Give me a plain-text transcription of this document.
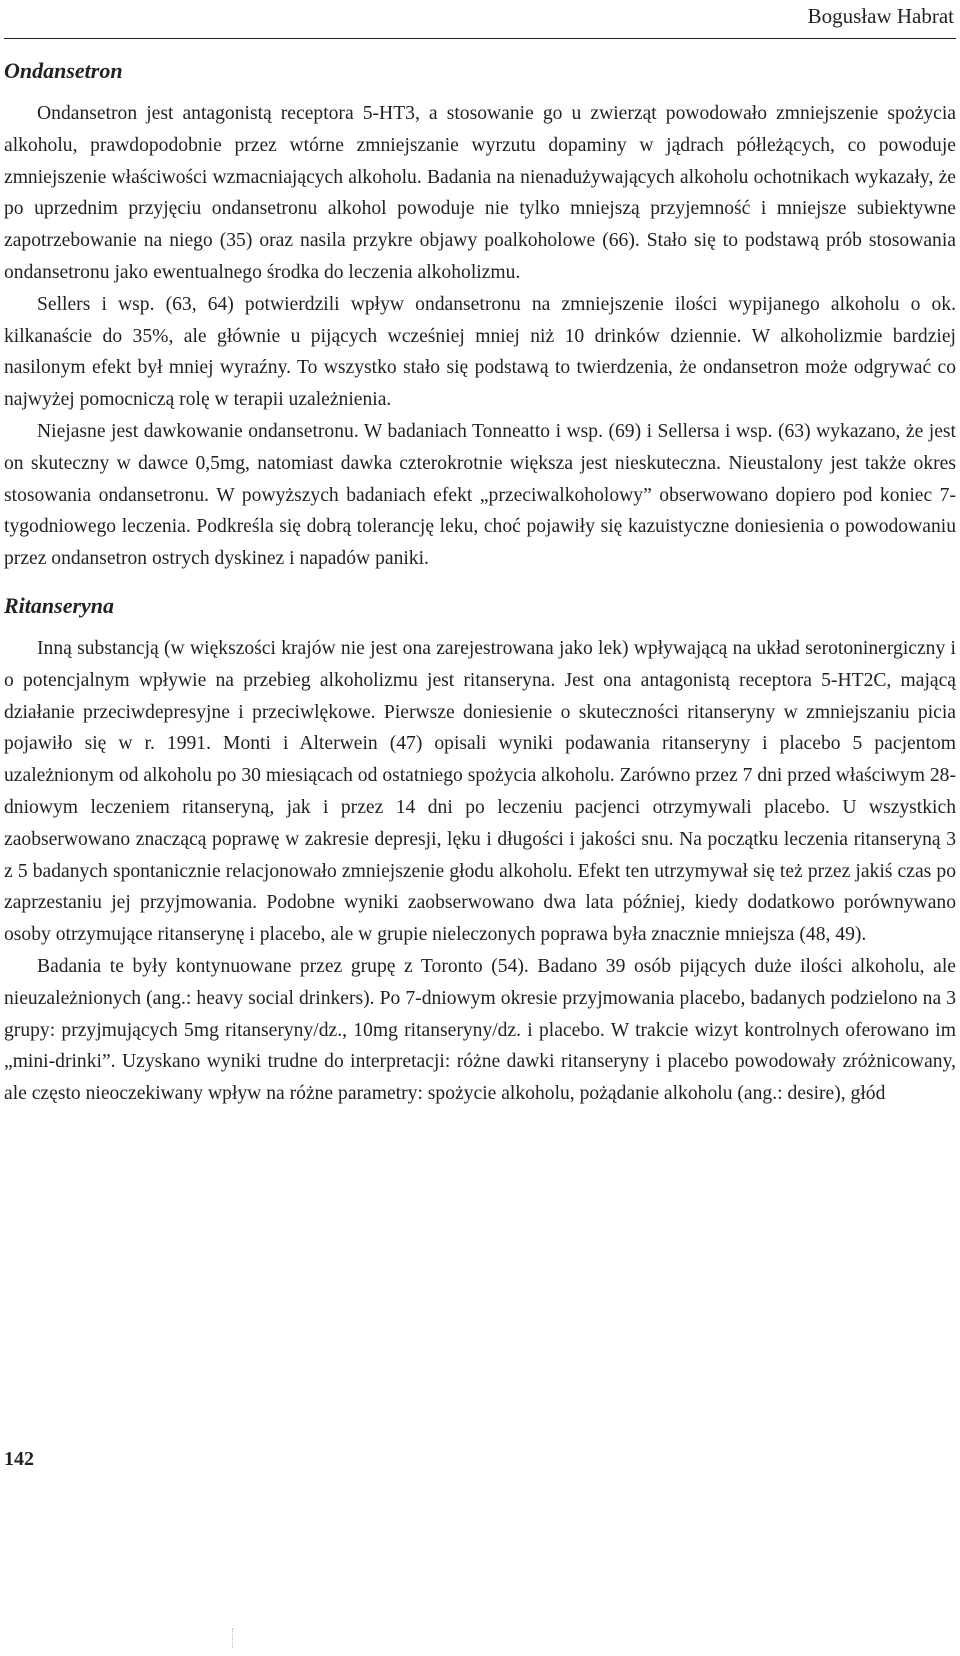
Bogusław Habrat
Ondansetron

Ondansetron jest antagonistą receptora 5-HT3, a stosowanie go u zwierząt powodowało zmniejszenie spożycia alkoholu, prawdopodobnie przez wtórne zmniejszanie wyrzutu dopaminy w jądrach półleżących, co powoduje zmniejszenie właściwości wzmacniających alkoholu. Badania na nienadużywających alkoholu ochotnikach wykazały, że po uprzednim przyjęciu ondansetronu alkohol powoduje nie tylko mniejszą przyjemność i mniejsze subiektywne zapotrzebowanie na niego (35) oraz nasila przykre objawy poalkoholowe (66). Stało się to podstawą prób stosowania ondansetronu jako ewentualnego środka do leczenia alkoholizmu.

Sellers i wsp. (63, 64) potwierdzili wpływ ondansetronu na zmniejszenie ilości wypijanego alkoholu o ok. kilkanaście do 35%, ale głównie u pijących wcześniej mniej niż 10 drinków dziennie. W alkoholizmie bardziej nasilonym efekt był mniej wyraźny. To wszystko stało się podstawą to twierdzenia, że ondansetron może odgrywać co najwyżej pomocniczą rolę w terapii uzależnienia.

Niejasne jest dawkowanie ondansetronu. W badaniach Tonneatto i wsp. (69) i Sellersa i wsp. (63) wykazano, że jest on skuteczny w dawce 0,5mg, natomiast dawka czterokrotnie większa jest nieskuteczna. Nieustalony jest także okres stosowania ondansetronu. W powyższych badaniach efekt „przeciwalkoholowy” obserwowano dopiero pod koniec 7-tygodniowego leczenia. Podkreśla się dobrą tolerancję leku, choć pojawiły się kazuistyczne doniesienia o powodowaniu przez ondansetron ostrych dyskinez i napadów paniki.

Ritanseryna

Inną substancją (w większości krajów nie jest ona zarejestrowana jako lek) wpływającą na układ serotoninergiczny i o potencjalnym wpływie na przebieg alkoholizmu jest ritanseryna. Jest ona antagonistą receptora 5-HT2C, mającą działanie przeciwdepresyjne i przeciwlękowe. Pierwsze doniesienie o skuteczności ritanseryny w zmniejszaniu picia pojawiło się w r. 1991. Monti i Alterwein (47) opisali wyniki podawania ritanseryny i placebo 5 pacjentom uzależnionym od alkoholu po 30 miesiącach od ostatniego spożycia alkoholu. Zarówno przez 7 dni przed właściwym 28-dniowym leczeniem ritanseryną, jak i przez 14 dni po leczeniu pacjenci otrzymywali placebo. U wszystkich zaobserwowano znaczącą poprawę w zakresie depresji, lęku i długości i jakości snu. Na początku leczenia ritanseryną 3 z 5 badanych spontanicznie relacjonowało zmniejszenie głodu alkoholu. Efekt ten utrzymywał się też przez jakiś czas po zaprzestaniu jej przyjmowania. Podobne wyniki zaobserwowano dwa lata później, kiedy dodatkowo porównywano osoby otrzymujące ritanserynę i placebo, ale w grupie nieleczonych poprawa była znacznie mniejsza (48, 49).

Badania te były kontynuowane przez grupę z Toronto (54). Badano 39 osób pijących duże ilości alkoholu, ale nieuzależnionych (ang.: heavy social drinkers). Po 7-dniowym okresie przyjmowania placebo, badanych podzielono na 3 grupy: przyjmujących 5mg ritanseryny/dz., 10mg ritanseryny/dz. i placebo. W trakcie wizyt kontrolnych oferowano im „mini-drinki”. Uzyskano wyniki trudne do interpretacji: różne dawki ritanseryny i placebo powodowały zróżnicowany, ale często nieoczekiwany wpływ na różne parametry: spożycie alkoholu, pożądanie alkoholu (ang.: desire), głód

142
